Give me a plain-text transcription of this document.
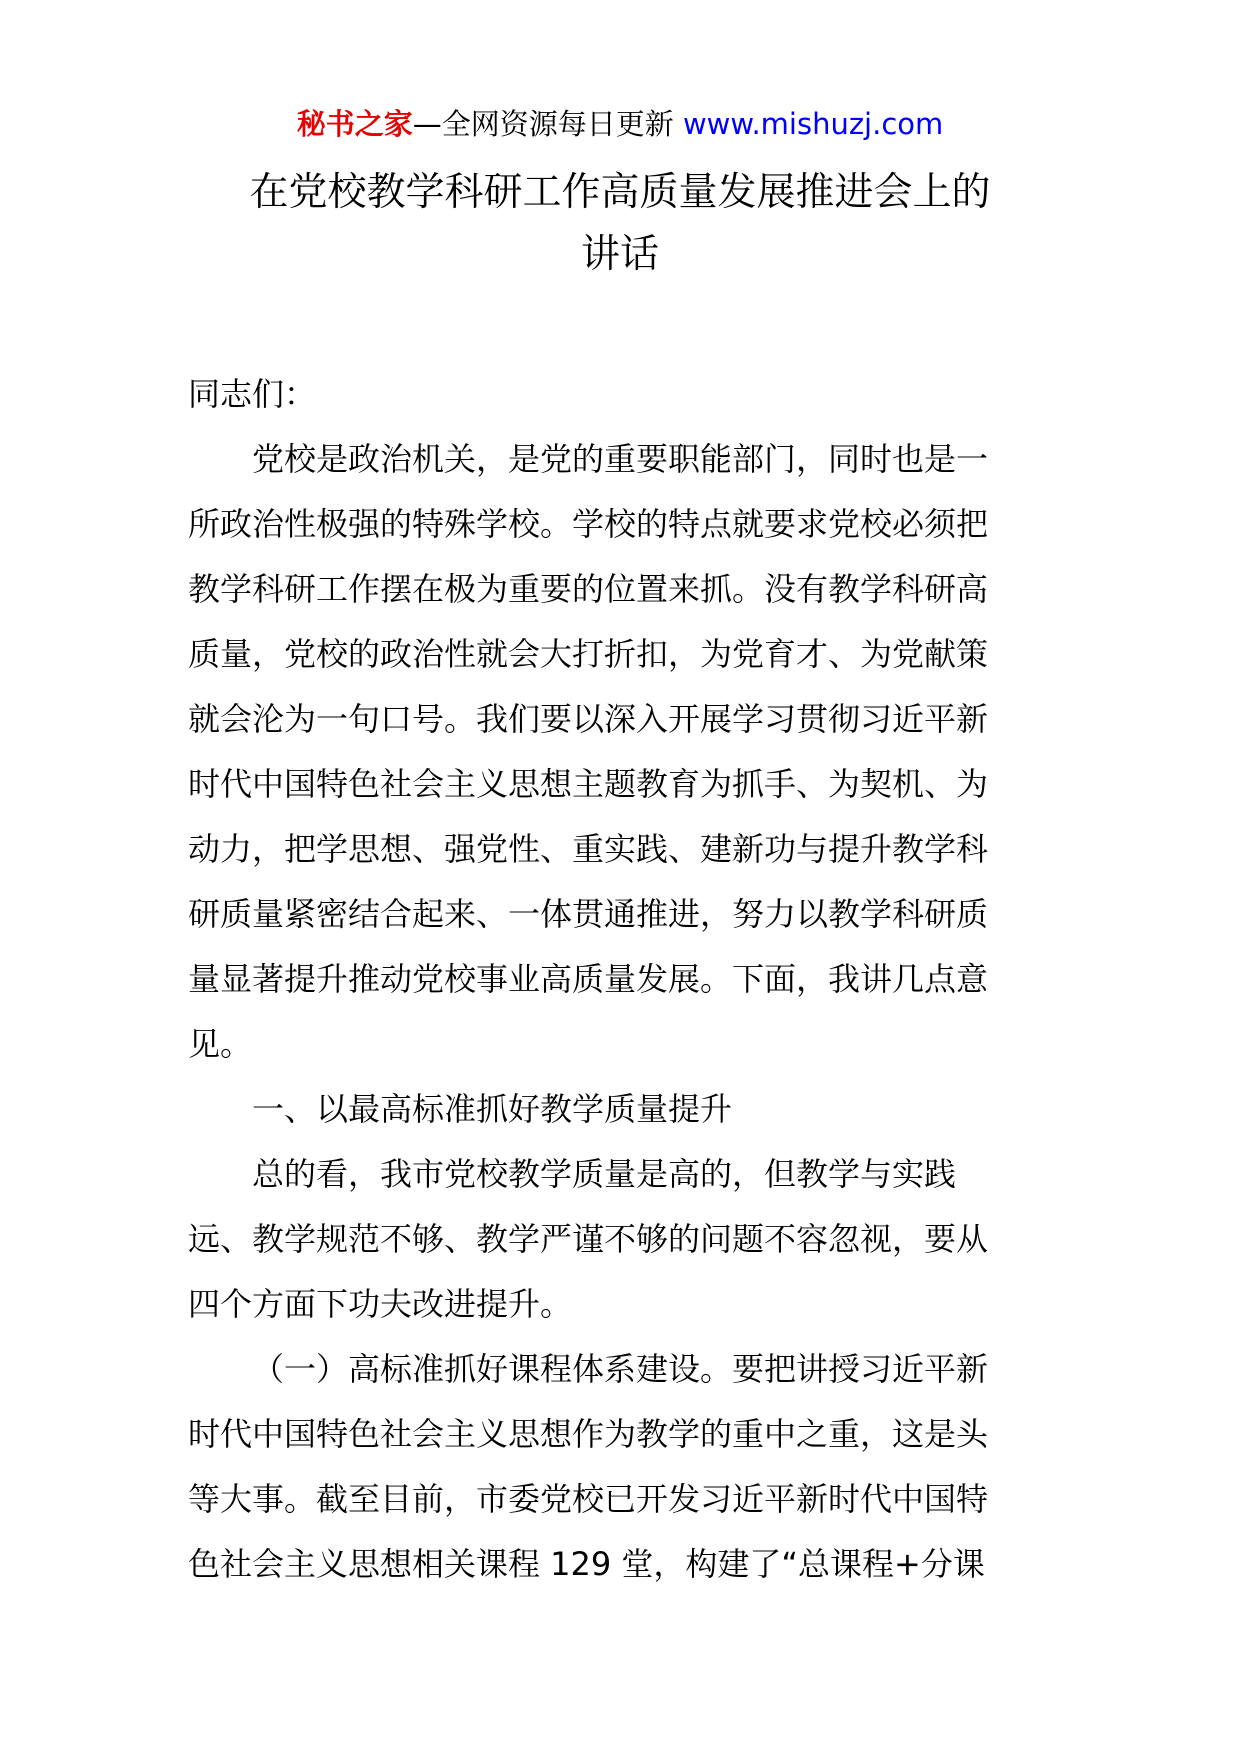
秘书之家—全网资源每日更新 www.mishuzj.com
在党校教学科研工作高质量发展推进会上的
讲话
同志们：
党校是政治机关，是党的重要职能部门，同时也是一
所政治性极强的特殊学校。学校的特点就要求党校必须把
教学科研工作摆在极为重要的位置来抓。没有教学科研高
质量，党校的政治性就会大打折扣，为党育才、为党献策
就会沦为一句口号。我们要以深入开展学习贯彻习近平新
时代中国特色社会主义思想主题教育为抓手、为契机、为
动力，把学思想、强党性、重实践、建新功与提升教学科
研质量紧密结合起来、一体贯通推进，努力以教学科研质
量显著提升推动党校事业高质量发展。下面，我讲几点意
见。
一、以最高标准抓好教学质量提升
总的看，我市党校教学质量是高的，但教学与实践
远、教学规范不够、教学严谨不够的问题不容忽视，要从
四个方面下功夫改进提升。
（一）高标准抓好课程体系建设。要把讲授习近平新
时代中国特色社会主义思想作为教学的重中之重，这是头
等大事。截至目前，市委党校已开发习近平新时代中国特
色社会主义思想相关课程 129 堂，构建了“总课程+分课
